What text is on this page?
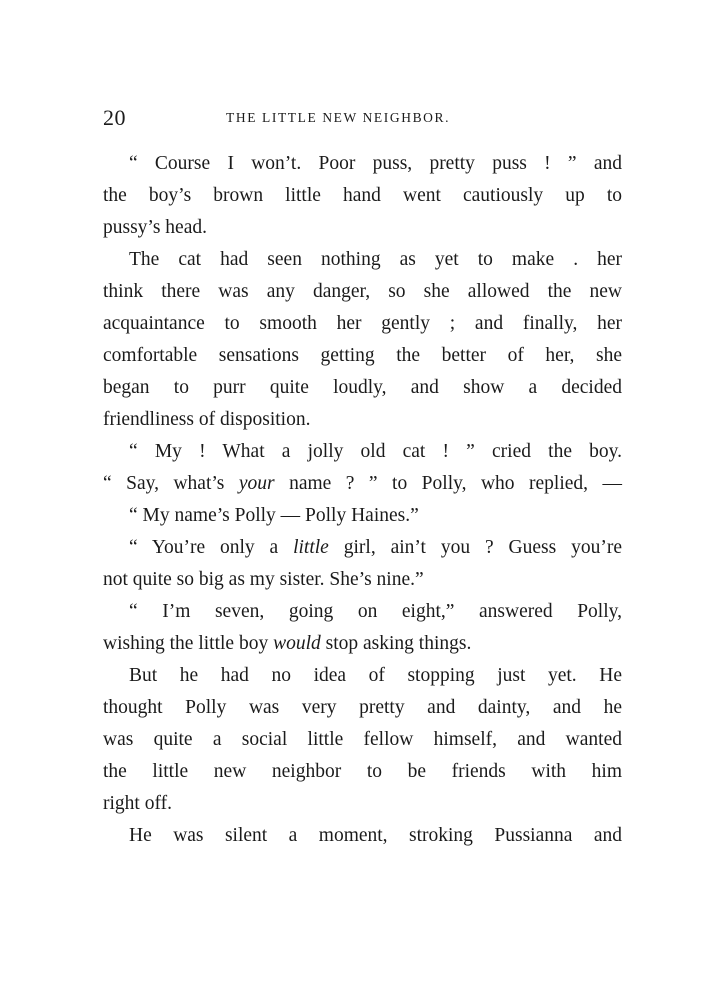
20	THE LITTLE NEW NEIGHBOR.
“ Course I won’t. Poor puss, pretty puss ! ” and
the boy’s brown little hand went cautiously up to
pussy’s head.
The cat had seen nothing as yet to make . her
think there was any danger, so she allowed the new
acquaintance to smooth her gently ; and finally, her
comfortable sensations getting the better of her, she
began to purr quite loudly, and show a decided
friendliness of disposition.
“ My ! What a jolly old cat ! ” cried the boy.
“ Say, what’s your name ? ” to Polly, who replied, —
“ My name’s Polly — Polly Haines.”
“ You’re only a little girl, ain’t you ? Guess you’re
not quite so big as my sister. She’s nine.”
“ I’m seven, going on eight,” answered Polly,
wishing the little boy would stop asking things.
But he had no idea of stopping just yet. He
thought Polly was very pretty and dainty, and he
was quite a social little fellow himself, and wanted
the little new neighbor to be friends with him
right off.
He was silent a moment, stroking Pussianna and
